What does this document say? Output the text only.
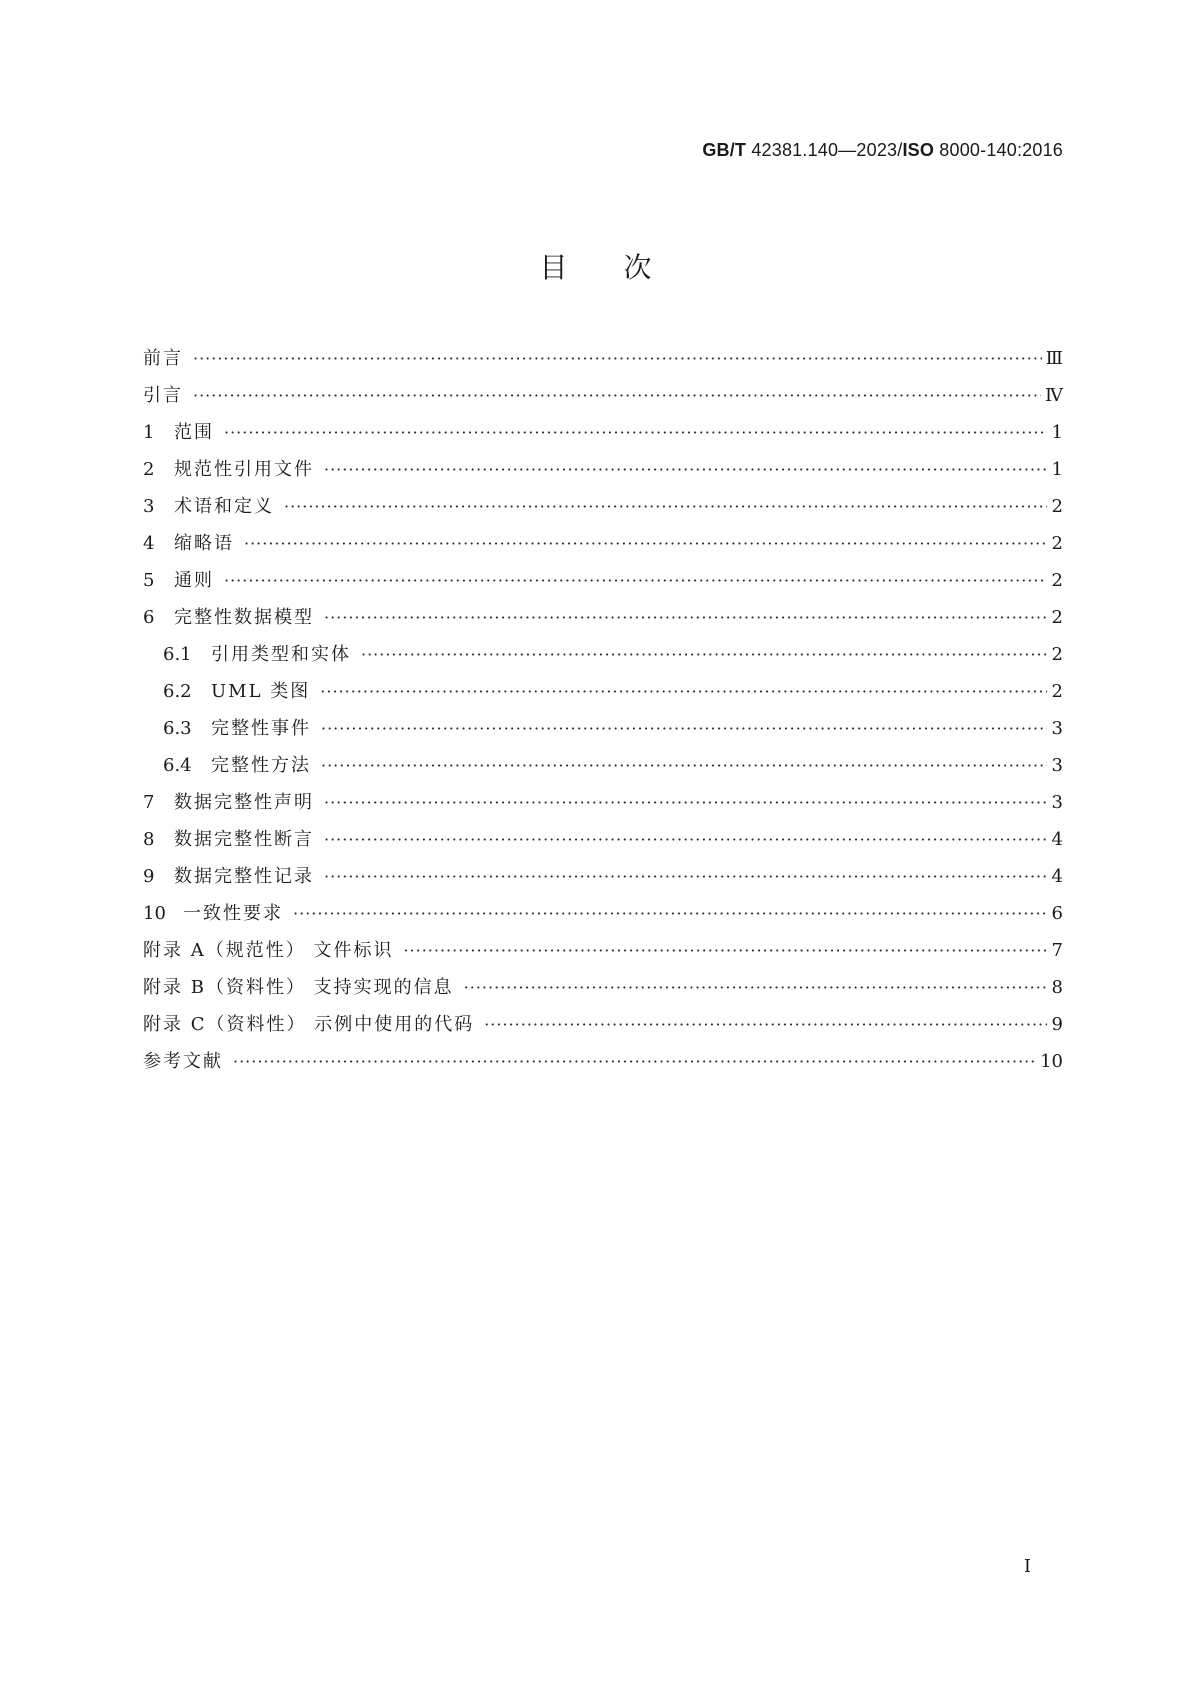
GB/T 42381.140—2023/ISO 8000-140:2016
目次
前言 ·····	Ⅲ
引言 ·····	Ⅳ
1	范围 ·····	1
2	规范性引用文件 ·····	1
3	术语和定义 ·····	2
4	缩略语 ·····	2
5	通则 ·····	2
6	完整性数据模型 ·····	2
6.1	引用类型和实体 ·····	2
6.2	UML 类图 ·····	2
6.3	完整性事件 ·····	3
6.4	完整性方法 ·····	3
7	数据完整性声明 ·····	3
8	数据完整性断言 ·····	4
9	数据完整性记录 ·····	4
10 一致性要求 ·····	6
附录 A（规范性） 文件标识 ·····	7
附录 B（资料性） 支持实现的信息 ·····	8
附录 C（资料性） 示例中使用的代码 ·····	9
参考文献 ·····	10
Ⅰ
